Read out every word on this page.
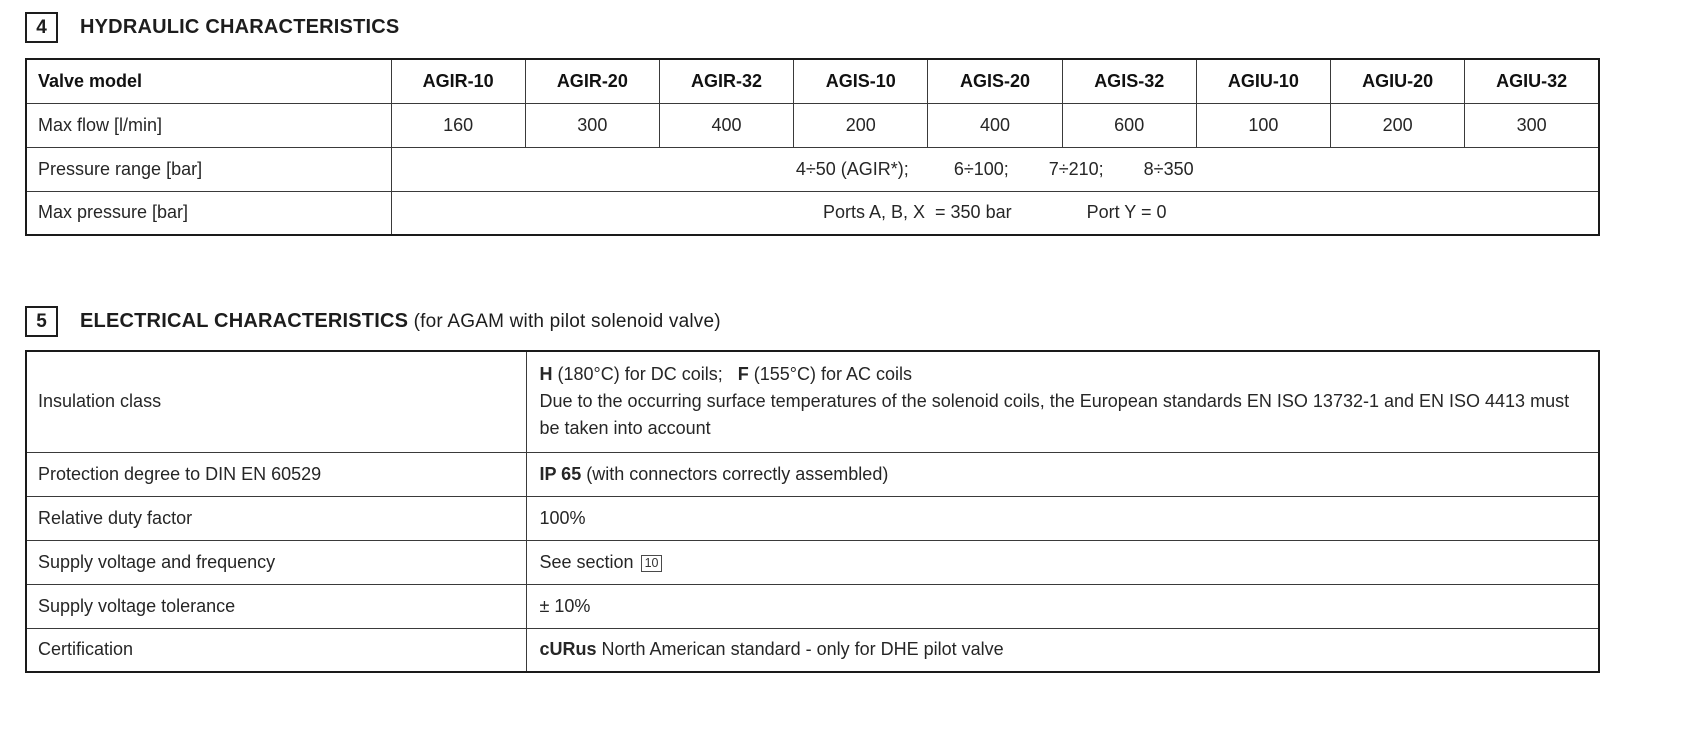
4	HYDRAULIC CHARACTERISTICS
Valve model	AGIR-10	AGIR-20	AGIR-32	AGIS-10	AGIS-20	AGIS-32	AGIU-10	AGIU-20	AGIU-32
Max flow [l/min]	160	300	400	200	400	600	100	200	300
Pressure range [bar]	4÷50 (AGIR*);         6÷100;        7÷210;        8÷350								
Max pressure [bar]	Ports A, B, X  = 350 bar               Port Y = 0								
5	ELECTRICAL CHARACTERISTICS (for AGAM with pilot solenoid valve)
Insulation class	H (180°C) for DC coils;   F (155°C) for AC coils
Due to the occurring surface temperatures of the solenoid coils, the European standards EN ISO 13732-1 and EN ISO 4413 must be taken into account

Protection degree to DIN EN 60529	IP 65 (with connectors correctly assembled)
Relative duty factor	100%
Supply voltage and frequency	See section 10
Supply voltage tolerance	± 10%
Certification	cURus North American standard - only for DHE pilot valve
